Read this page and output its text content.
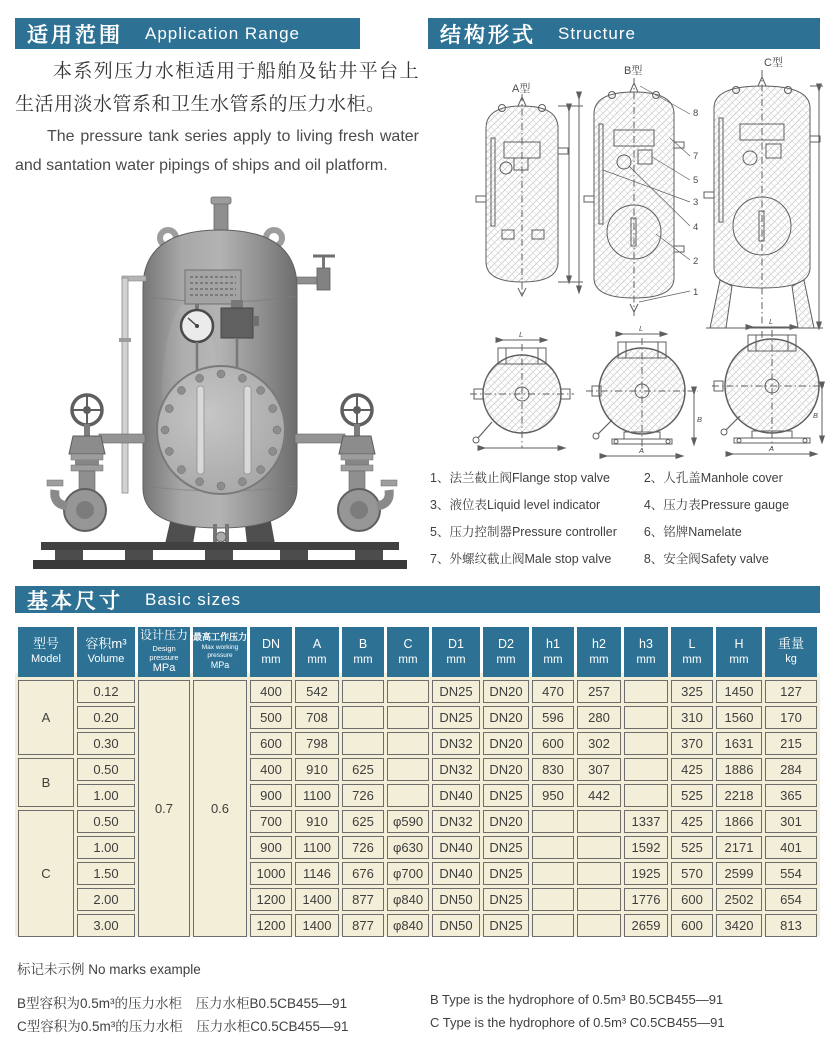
适用范围 Application Range	结构形式 Structure

本系列压力水柜适用于船舶及钻井平台上生活用淡水管系和卫生水管系的压力水柜。

The pressure tank series apply to living fresh water and santation water pipings of ships and oil platform.

A型
B型
C型
8
7
5
3
4
2
1
L
L
L
A	A
B	B
1、法兰截止阀Flange stop valve	2、人孔盖Manhole cover
3、液位表Liquid level indicator	4、压力表Pressure gauge
5、压力控制器Pressure controller	6、铭牌Namelate
7、外螺纹截止阀Male stop valve	8、安全阀Safety valve
基本尺寸 Basic sizes
型号
Model

容积m³
Volume

设计压力
Design pressure
MPa

最高工作压力
Max working pressure
MPa

DN
mm

A
mm

B
mm

C
mm

D1
mm

D2
mm

h1
mm

h2
mm

h3
mm

L
mm

H
mm

重量
kg

A	0.12	0.7	0.6	400	542			DN25	DN20	470	257		325	1450	127
	0.20			500	708			DN25	DN20	596	280		310	1560	170
	0.30			600	798			DN32	DN20	600	302		370	1631	215
B	0.50			400	910	625		DN32	DN20	830	307		425	1886	284
	1.00			900	1100	726		DN40	DN25	950	442		525	2218	365
C	0.50			700	910	625	φ590	DN32	DN20			1337	425	1866	301
	1.00			900	1100	726	φ630	DN40	DN25			1592	525	2171	401
	1.50			1000	1146	676	φ700	DN40	DN25			1925	570	2599	554
	2.00			1200	1400	877	φ840	DN50	DN25			1776	600	2502	654
	3.00			1200	1400	877	φ840	DN50	DN25			2659	600	3420	813
标记未示例 No marks example
B型容积为0.5m³的压力水柜　压力水柜B0.5CB455—91
C型容积为0.5m³的压力水柜　压力水柜C0.5CB455—91
B Type is the hydrophore of 0.5m³ B0.5CB455—91
C Type is the hydrophore of 0.5m³ C0.5CB455—91
